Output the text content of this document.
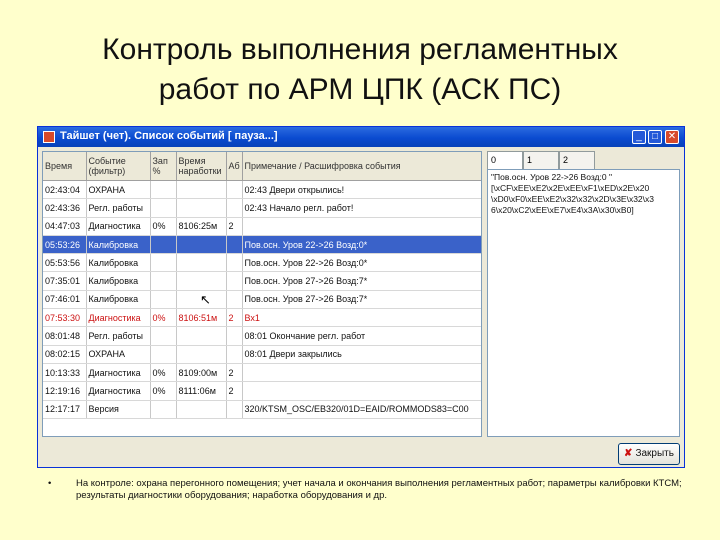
Контроль выполнения регламентных
работ по АРМ ЦПК (АСК ПС)
Тайшет (чет). Список событий [ пауза...]	_	□ ✕
Время	Событие (фильтр)	Зап %	Время наработки	Аб	Примечание / Расшифровка события
02:43:04	ОХРАНА				02:43 Двери открылись!
02:43:36	Регл. работы				02:43 Начало регл. работ!
04:47:03	Диагностика	0%	8106:25м	2	
05:53:26	Калибровка				Пов.осн. Уров 22->26 Возд:0*
05:53:56	Калибровка				Пов.осн. Уров 22->26 Возд:0*
07:35:01	Калибровка				Пов.осн. Уров 27->26 Возд:7*
07:46:01	Калибровка				Пов.осн. Уров 27->26 Возд:7*
07:53:30	Диагностика	0%	8106:51м	2	Вх1
08:01:48	Регл. работы				08:01 Окончание регл. работ
08:02:15	ОХРАНА				08:01 Двери закрылись
10:13:33	Диагностика	0%	8109:00м	2	
12:19:16	Диагностика	0%	8111:06м	2	
12:17:17	Версия				320/KTSM_OSC/EB320/01D=EAID/ROMMODS83=C00
↖
0	1	2
"Пов.осн. Уров 22->26 Возд:0 "
[\xCF\xEE\xE2\x2E\xEE\xF1\xED\x2E\x20
\xD0\xF0\xEE\xE2\x32\x32\x2D\x3E\x32\x3
6\x20\xC2\xEE\xE7\xE4\x3A\x30\xB0]
✘ Закрыть
•	На контроле: охрана перегонного помещения; учет начала и окончания выполнения регламентных работ; параметры калибровки КТСМ; результаты диагностики оборудования; наработка оборудования и др.
